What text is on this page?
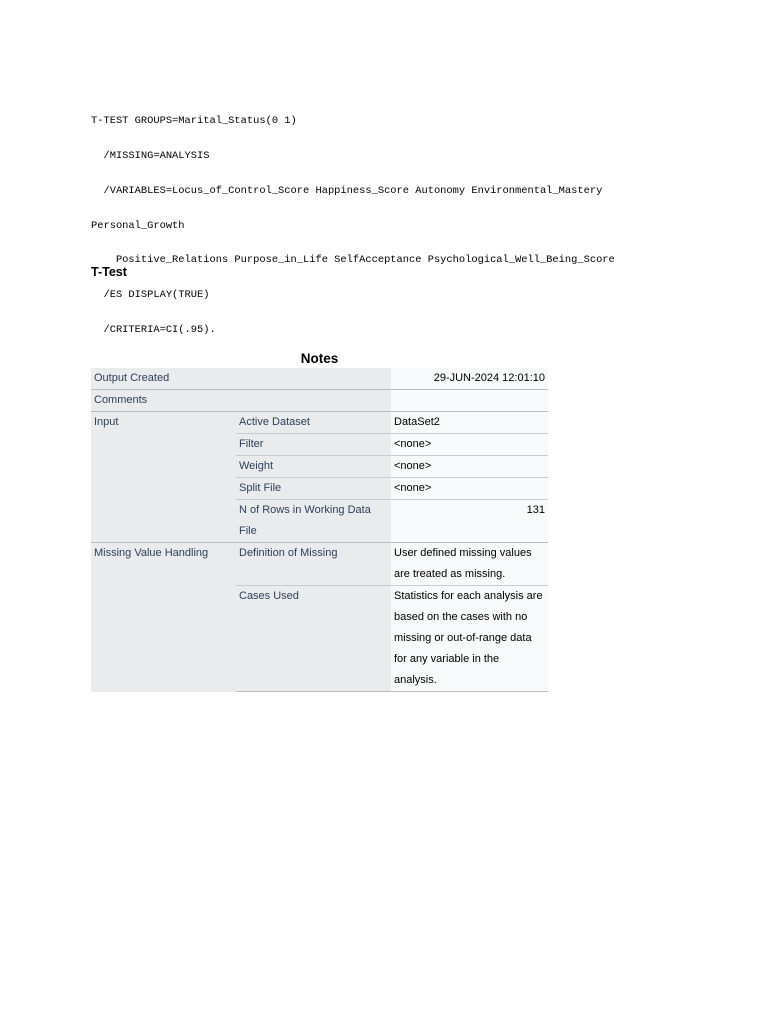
T-TEST GROUPS=Marital_Status(0 1)

/MISSING=ANALYSIS

/VARIABLES=Locus_of_Control_Score Happiness_Score Autonomy Environmental_Mastery

Personal_Growth

Positive_Relations Purpose_in_Life SelfAcceptance Psychological_Well_Being_Score

/ES DISPLAY(TRUE)

/CRITERIA=CI(.95).

T-Test
Notes
Output Created		29-JUN-2024 12:01:10
Comments		
Input	Active Dataset	DataSet2
	Filter	<none>
	Weight	<none>
	Split File	<none>
	N of Rows in Working Data File	131
Missing Value Handling	Definition of Missing	User defined missing values are treated as missing.
	Cases Used	Statistics for each analysis are based on the cases with no missing or out-of-range data for any variable in the analysis.
